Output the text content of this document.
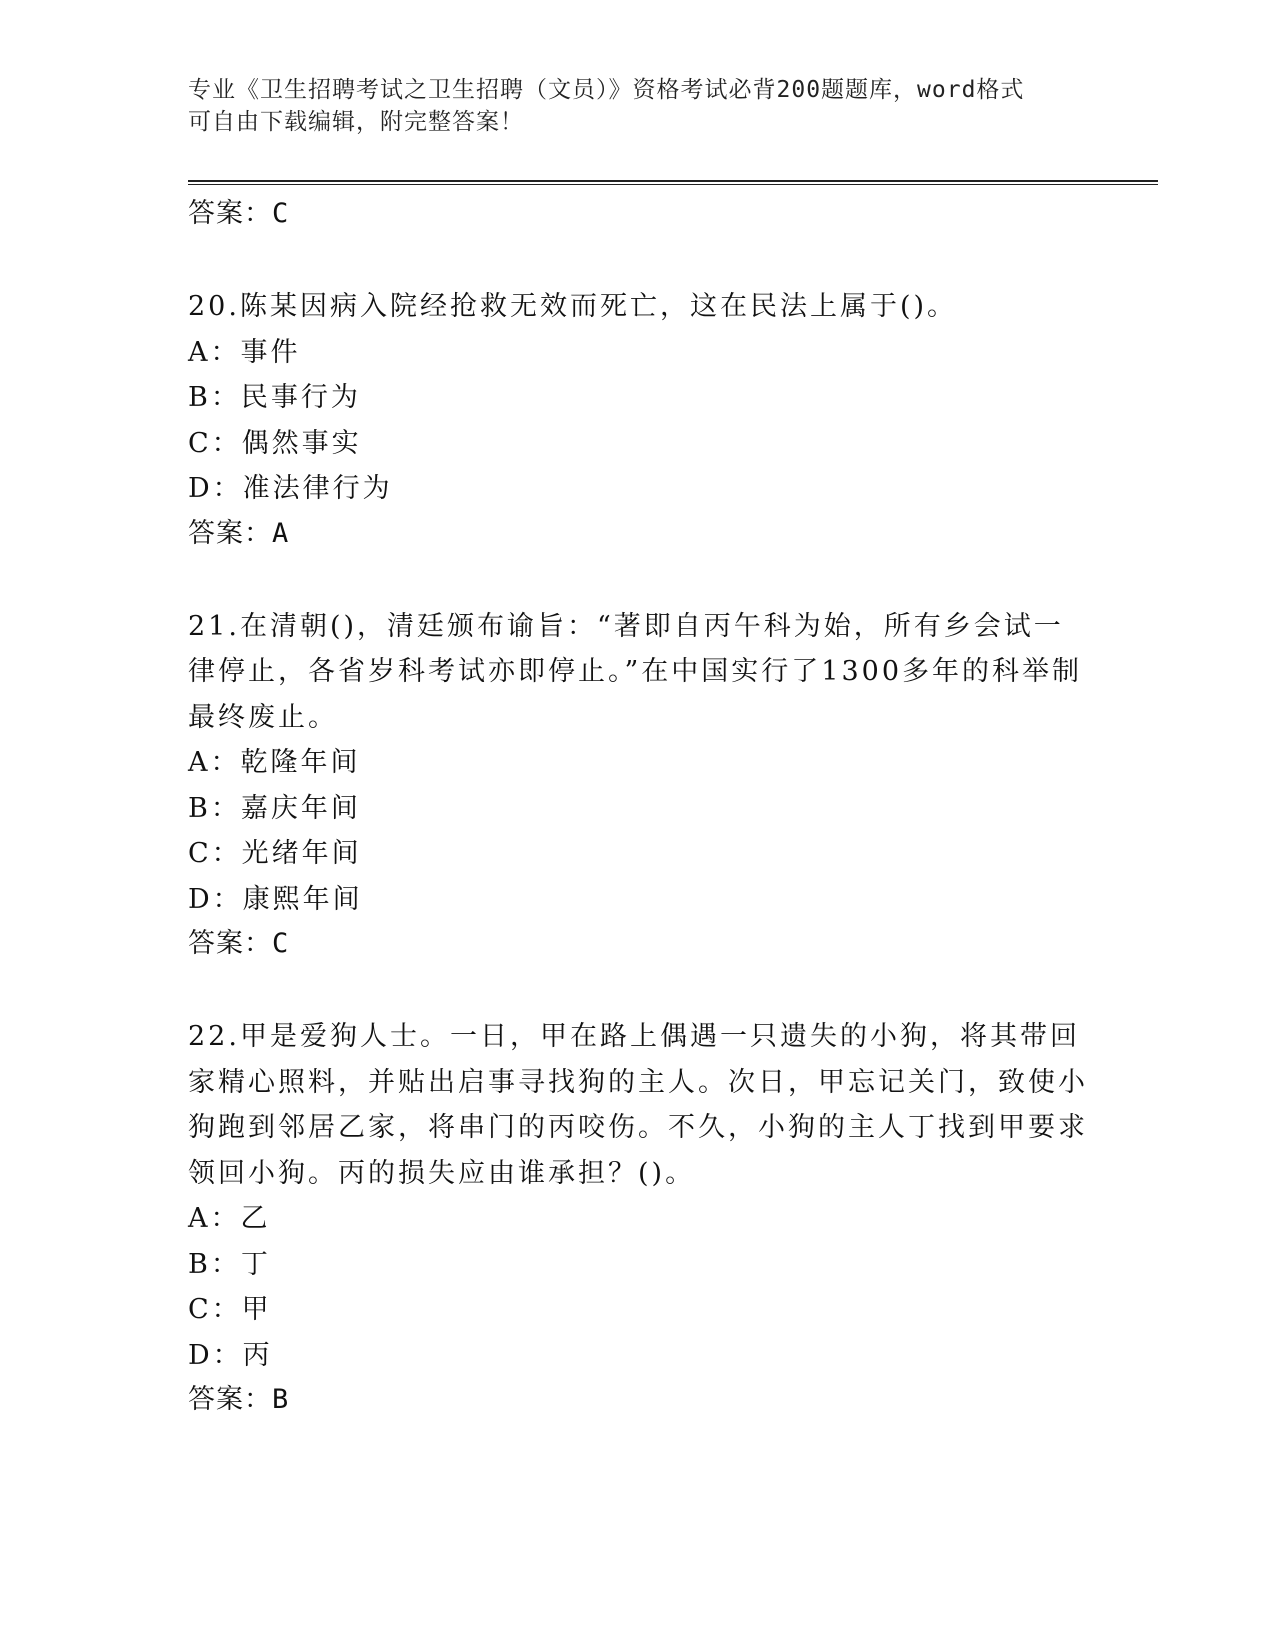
专业《卫生招聘考试之卫生招聘（文员）》资格考试必背200题题库，word格式
可自由下载编辑，附完整答案！

答案：C

20.陈某因病入院经抢救无效而死亡，这在民法上属于()。

A：事件

B：民事行为

C：偶然事实

D：准法律行为

答案：A

21.在清朝()，清廷颁布谕旨：“著即自丙午科为始，所有乡会试一律停止，各省岁科考试亦即停止。”在中国实行了1300多年的科举制最终废止。

A：乾隆年间

B：嘉庆年间

C：光绪年间

D：康熙年间

答案：C

22.甲是爱狗人士。一日，甲在路上偶遇一只遗失的小狗，将其带回家精心照料，并贴出启事寻找狗的主人。次日，甲忘记关门，致使小狗跑到邻居乙家，将串门的丙咬伤。不久，小狗的主人丁找到甲要求领回小狗。丙的损失应由谁承担？()。

A：乙

B：丁

C：甲

D：丙

答案：B
